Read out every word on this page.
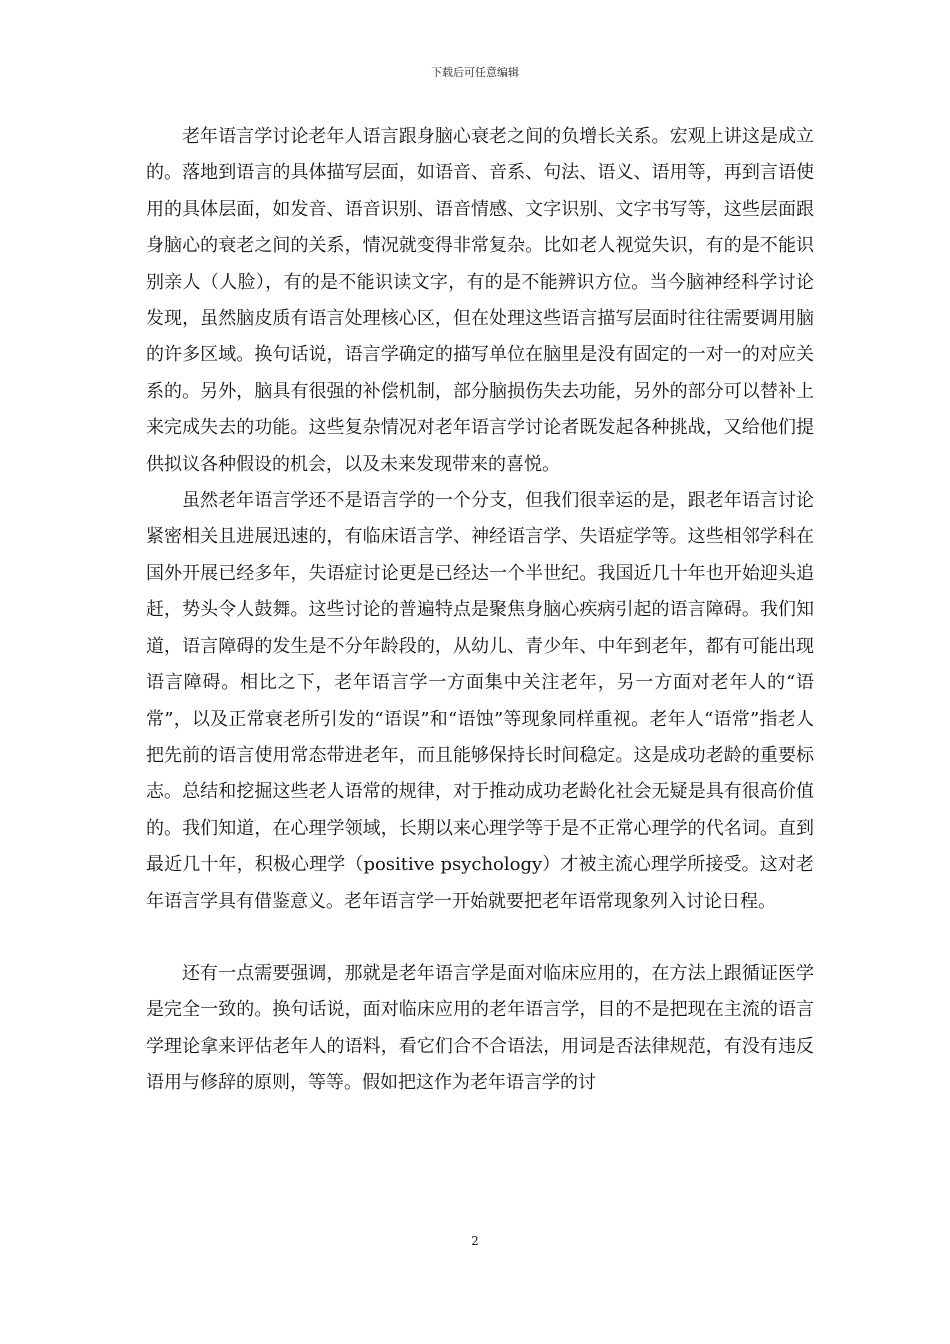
下载后可任意编辑

老年语言学讨论老年人语言跟身脑心衰老之间的负增长关系。宏观上讲这是成立的。落地到语言的具体描写层面，如语音、音系、句法、语义、语用等，再到言语使用的具体层面，如发音、语音识别、语音情感、文字识别、文字书写等，这些层面跟身脑心的衰老之间的关系，情况就变得非常复杂。比如老人视觉失识，有的是不能识别亲人（人脸），有的是不能识读文字，有的是不能辨识方位。当今脑神经科学讨论发现，虽然脑皮质有语言处理核心区，但在处理这些语言描写层面时往往需要调用脑的许多区域。换句话说，语言学确定的描写单位在脑里是没有固定的一对一的对应关系的。另外，脑具有很强的补偿机制，部分脑损伤失去功能，另外的部分可以替补上来完成失去的功能。这些复杂情况对老年语言学讨论者既发起各种挑战，又给他们提供拟议各种假设的机会，以及未来发现带来的喜悦。

虽然老年语言学还不是语言学的一个分支，但我们很幸运的是，跟老年语言讨论紧密相关且进展迅速的，有临床语言学、神经语言学、失语症学等。这些相邻学科在国外开展已经多年，失语症讨论更是已经达一个半世纪。我国近几十年也开始迎头追赶，势头令人鼓舞。这些讨论的普遍特点是聚焦身脑心疾病引起的语言障碍。我们知道，语言障碍的发生是不分年龄段的，从幼儿、青少年、中年到老年，都有可能出现语言障碍。相比之下，老年语言学一方面集中关注老年，另一方面对老年人的“语常”，以及正常衰老所引发的“语误”和“语蚀”等现象同样重视。老年人“语常”指老人把先前的语言使用常态带进老年，而且能够保持长时间稳定。这是成功老龄的重要标志。总结和挖掘这些老人语常的规律，对于推动成功老龄化社会无疑是具有很高价值的。我们知道，在心理学领域，长期以来心理学等于是不正常心理学的代名词。直到最近几十年，积极心理学（positive psychology）才被主流心理学所接受。这对老年语言学具有借鉴意义。老年语言学一开始就要把老年语常现象列入讨论日程。

还有一点需要强调，那就是老年语言学是面对临床应用的，在方法上跟循证医学是完全一致的。换句话说，面对临床应用的老年语言学，目的不是把现在主流的语言学理论拿来评估老年人的语料，看它们合不合语法，用词是否法律规范，有没有违反语用与修辞的原则，等等。假如把这作为老年语言学的讨

2
